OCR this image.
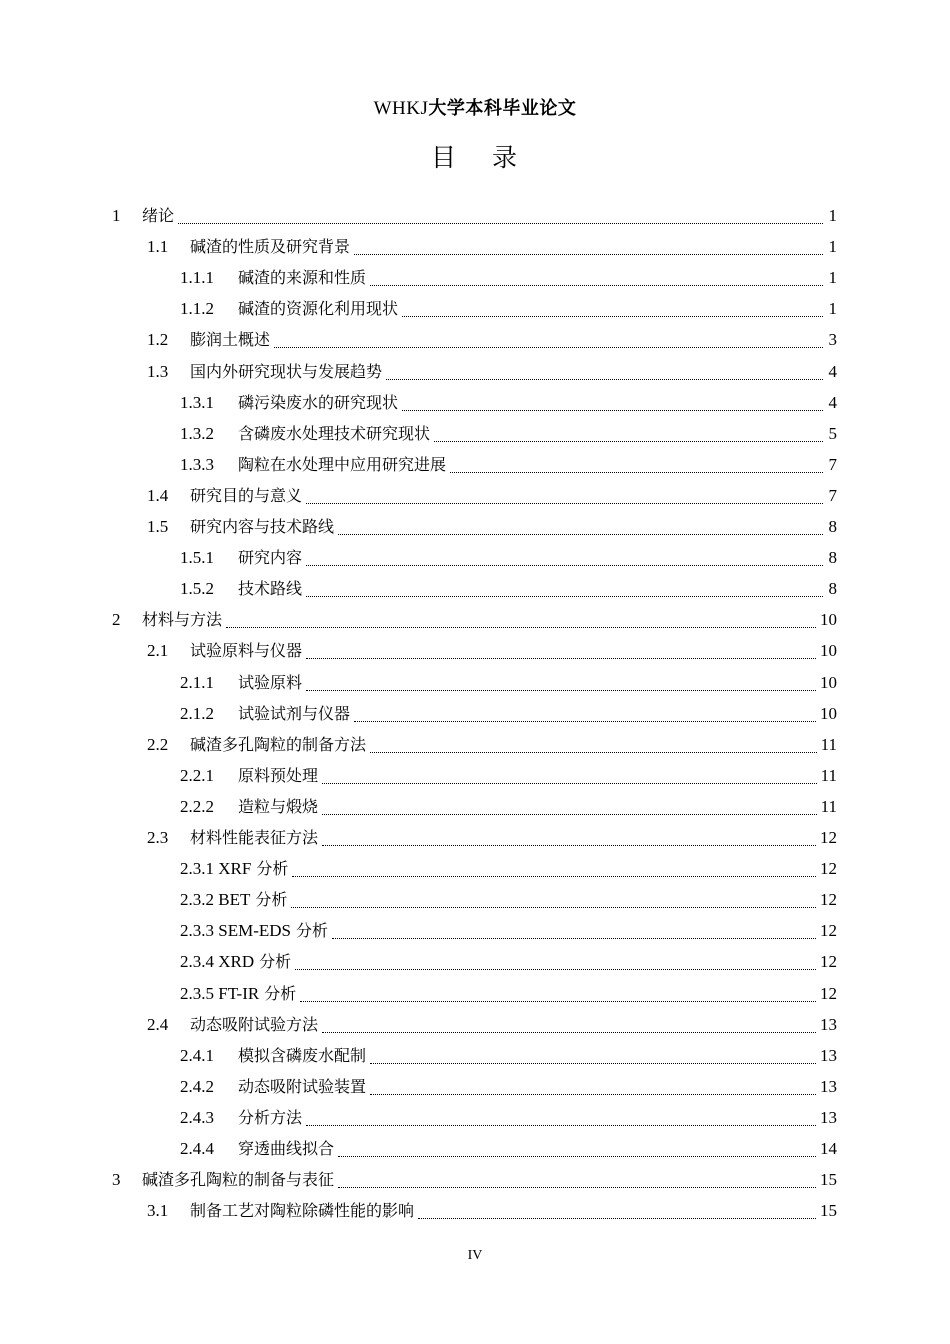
WHKJ大学本科毕业论文
目 录
1	绪论	1
1.1	碱渣的性质及研究背景	1
1.1.1	碱渣的来源和性质	1
1.1.2	碱渣的资源化利用现状	1
1.2	膨润土概述	3
1.3	国内外研究现状与发展趋势	4
1.3.1	磷污染废水的研究现状	4
1.3.2	含磷废水处理技术研究现状	5
1.3.3	陶粒在水处理中应用研究进展	7
1.4	研究目的与意义	7
1.5	研究内容与技术路线	8
1.5.1	研究内容	8
1.5.2	技术路线	8
2	材料与方法	10
2.1	试验原料与仪器	10
2.1.1	试验原料	10
2.1.2	试验试剂与仪器	10
2.2	碱渣多孔陶粒的制备方法	11
2.2.1	原料预处理	11
2.2.2	造粒与煅烧	11
2.3	材料性能表征方法	12
2.3.1 XRF 分析	12
2.3.2 BET 分析	12
2.3.3 SEM-EDS 分析	12
2.3.4 XRD 分析	12
2.3.5 FT-IR 分析	12
2.4	动态吸附试验方法	13
2.4.1	模拟含磷废水配制	13
2.4.2	动态吸附试验装置	13
2.4.3	分析方法	13
2.4.4	穿透曲线拟合	14
3	碱渣多孔陶粒的制备与表征	15
3.1	制备工艺对陶粒除磷性能的影响	15
IV
